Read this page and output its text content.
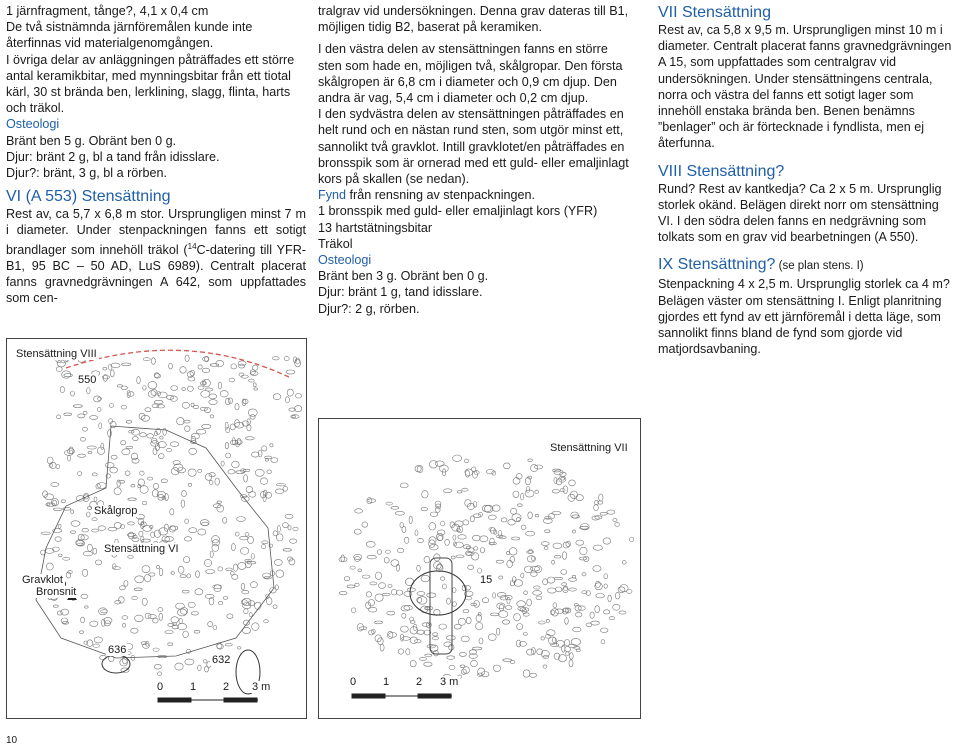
1 järnfragment, tånge?, 4,1 x 0,4 cm

De två sistnämnda järnföremålen kunde inte återfinnas vid materialgenomgången.

I övriga delar av anläggningen påträffades ett större antal keramikbitar, med mynningsbitar från ett tiotal kärl, 30 st brända ben, lerklining, slagg, flinta, harts och träkol.

Osteologi

Bränt ben 5 g. Obränt ben 0 g.

Djur: bränt 2 g, bl a tand från idisslare.

Djur?: bränt, 3 g, bl a rörben.

VI (A 553) Stensättning

Rest av, ca 5,7 x 6,8 m stor. Ursprungligen minst 7 m i diameter. Under stenpackningen fanns ett sotigt brandlager som innehöll träkol ($^{14}$C-datering till YFR-B1, 95 BC – 50 AD, LuS 6989). Centralt placerat fanns gravnedgrävningen A 642, som uppfattades som cen-

tralgrav vid undersökningen. Denna grav dateras till B1, möjligen tidig B2, baserat på keramiken.

I den västra delen av stensättningen fanns en större sten som hade en, möjligen två, skålgropar. Den första skålgropen är 6,8 cm i diameter och 0,9 cm djup. Den andra är vag, 5,4 cm i diameter och 0,2 cm djup.

I den sydvästra delen av stensättningen påträffades en helt rund och en nästan rund sten, som utgör minst ett, sannolikt två gravklot. Intill gravklotet/en påträffades en bronsspik som är ornerad med ett guld- eller emaljinlagt kors på skallen (se nedan).

Fynd från rensning av stenpackningen.

1 bronsspik med guld- eller emaljinlagt kors (YFR)

13 hartstätningsbitar

Träkol

Osteologi

Bränt ben 3 g. Obränt ben 0 g.

Djur: bränt 1 g, tand idisslare.

Djur?: 2 g, rörben.

VII Stensättning

Rest av, ca 5,8 x 9,5 m. Ursprungligen minst 10 m i diameter. Centralt placerat fanns gravnedgrävningen A 15, som uppfattades som centralgrav vid undersökningen. Under stensättningens centrala, norra och västra del fanns ett sotigt lager som innehöll enstaka brända ben. Benen benämns ”benlager” och är förtecknade i fyndlista, men ej återfunna.

VIII Stensättning?

Rund? Rest av kantkedja? Ca 2 x 5 m. Ursprunglig storlek okänd. Belägen direkt norr om stensättning VI. I den södra delen fanns en nedgrävning som tolkats som en grav vid bearbetningen (A 550).

IX Stensättning? (se plan stens. I)

Stenpackning 4 x 2,5 m. Ursprunglig storlek ca 4 m? Belägen väster om stensättning I. Enligt planritning gjordes ett fynd av ett järnföremål i detta läge, som sannolikt finns bland de fynd som gjorde vid matjordsavbaning.

Stensättning VIII
550
Skålgrop
Stensättning VI
Gravklot
Bronsnit
636
632
0 1 2 3 m
Stensättning VII
15
0 1 2 3 m
10
